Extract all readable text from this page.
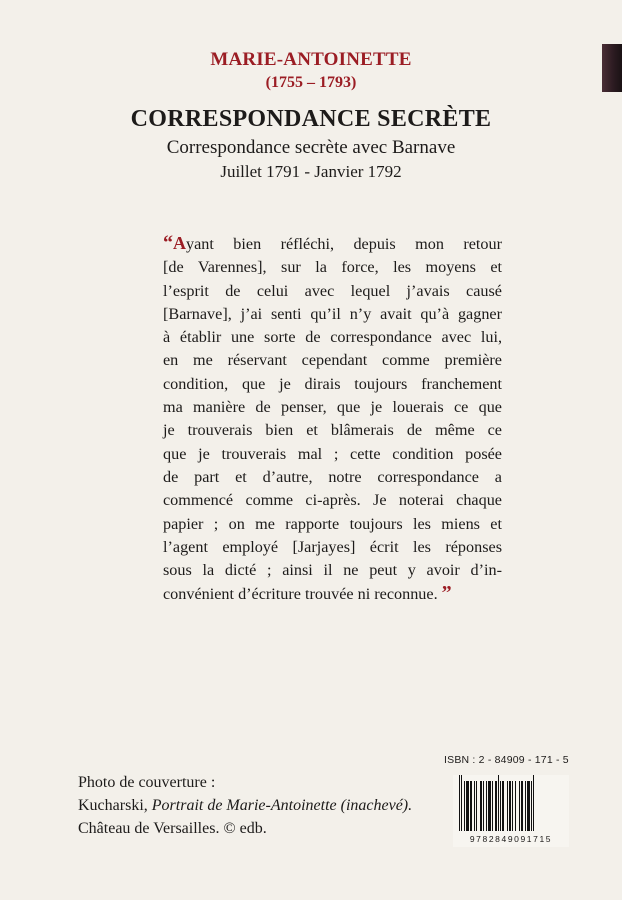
MARIE-ANTOINETTE

(1755 – 1793)

CORRESPONDANCE SECRÈTE

Correspondance secrète avec Barnave

Juillet 1791 - Janvier 1792

“Ayant bien réfléchi, depuis mon retour
[de Varennes], sur la force, les moyens et
l’esprit de celui avec lequel j’avais causé
[Barnave], j’ai senti qu’il n’y avait qu’à gagner
à établir une sorte de correspondance avec lui,
en me réservant cependant comme première
condition, que je dirais toujours franchement
ma manière de penser, que je louerais ce que
je trouverais bien et blâmerais de même ce
que je trouverais mal ; cette condition posée
de part et d’autre, notre correspondance a
commencé comme ci-après. Je noterai chaque
papier ; on me rapporte toujours les miens et
l’agent employé [Jarjayes] écrit les réponses
sous la dicté ; ainsi il ne peut y avoir d’in-
convénient d’écriture trouvée ni reconnue. ”

Photo de couverture :

Kucharski, Portrait de Marie-Antoinette (inachevé).

Château de Versailles. © edb.

ISBN : 2 - 84909 - 171 - 5
9782849091715
